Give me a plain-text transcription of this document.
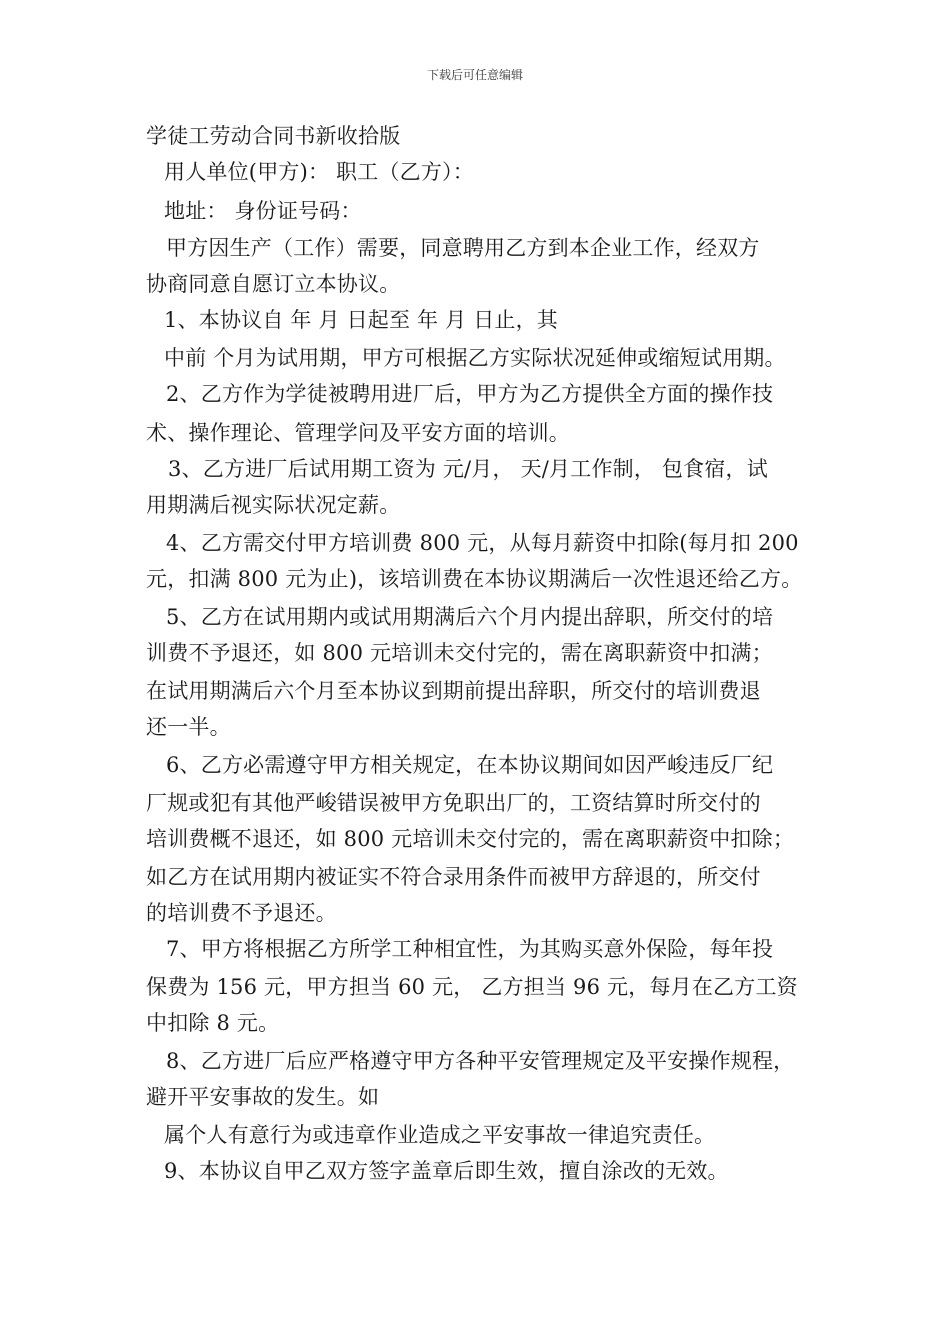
下载后可任意编辑
学徒工劳动合同书新收拾版
用人单位(甲方)： 职工（乙方）：
地址： 身份证号码：
甲方因生产（工作）需要，同意聘用乙方到本企业工作，经双方
协商同意自愿订立本协议。
1、本协议自 年 月 日起至 年 月 日止，其
中前 个月为试用期，甲方可根据乙方实际状况延伸或缩短试用期。
2、乙方作为学徒被聘用进厂后，甲方为乙方提供全方面的操作技
术、操作理论、管理学问及平安方面的培训。
3、乙方进厂后试用期工资为 元/月， 天/月工作制， 包食宿，试
用期满后视实际状况定薪。
4、乙方需交付甲方培训费 800 元，从每月薪资中扣除(每月扣 200
元，扣满 800 元为止)，该培训费在本协议期满后一次性退还给乙方。
5、乙方在试用期内或试用期满后六个月内提出辞职，所交付的培
训费不予退还，如 800 元培训未交付完的，需在离职薪资中扣满；
在试用期满后六个月至本协议到期前提出辞职，所交付的培训费退
还一半。
6、乙方必需遵守甲方相关规定，在本协议期间如因严峻违反厂纪
厂规或犯有其他严峻错误被甲方免职出厂的，工资结算时所交付的
培训费概不退还，如 800 元培训未交付完的，需在离职薪资中扣除；
如乙方在试用期内被证实不符合录用条件而被甲方辞退的，所交付
的培训费不予退还。
7、甲方将根据乙方所学工种相宜性，为其购买意外保险，每年投
保费为 156 元，甲方担当 60 元， 乙方担当 96 元，每月在乙方工资
中扣除 8 元。
8、乙方进厂后应严格遵守甲方各种平安管理规定及平安操作规程，
避开平安事故的发生。如
属个人有意行为或违章作业造成之平安事故一律追究责任。
9、本协议自甲乙双方签字盖章后即生效，擅自涂改的无效。
